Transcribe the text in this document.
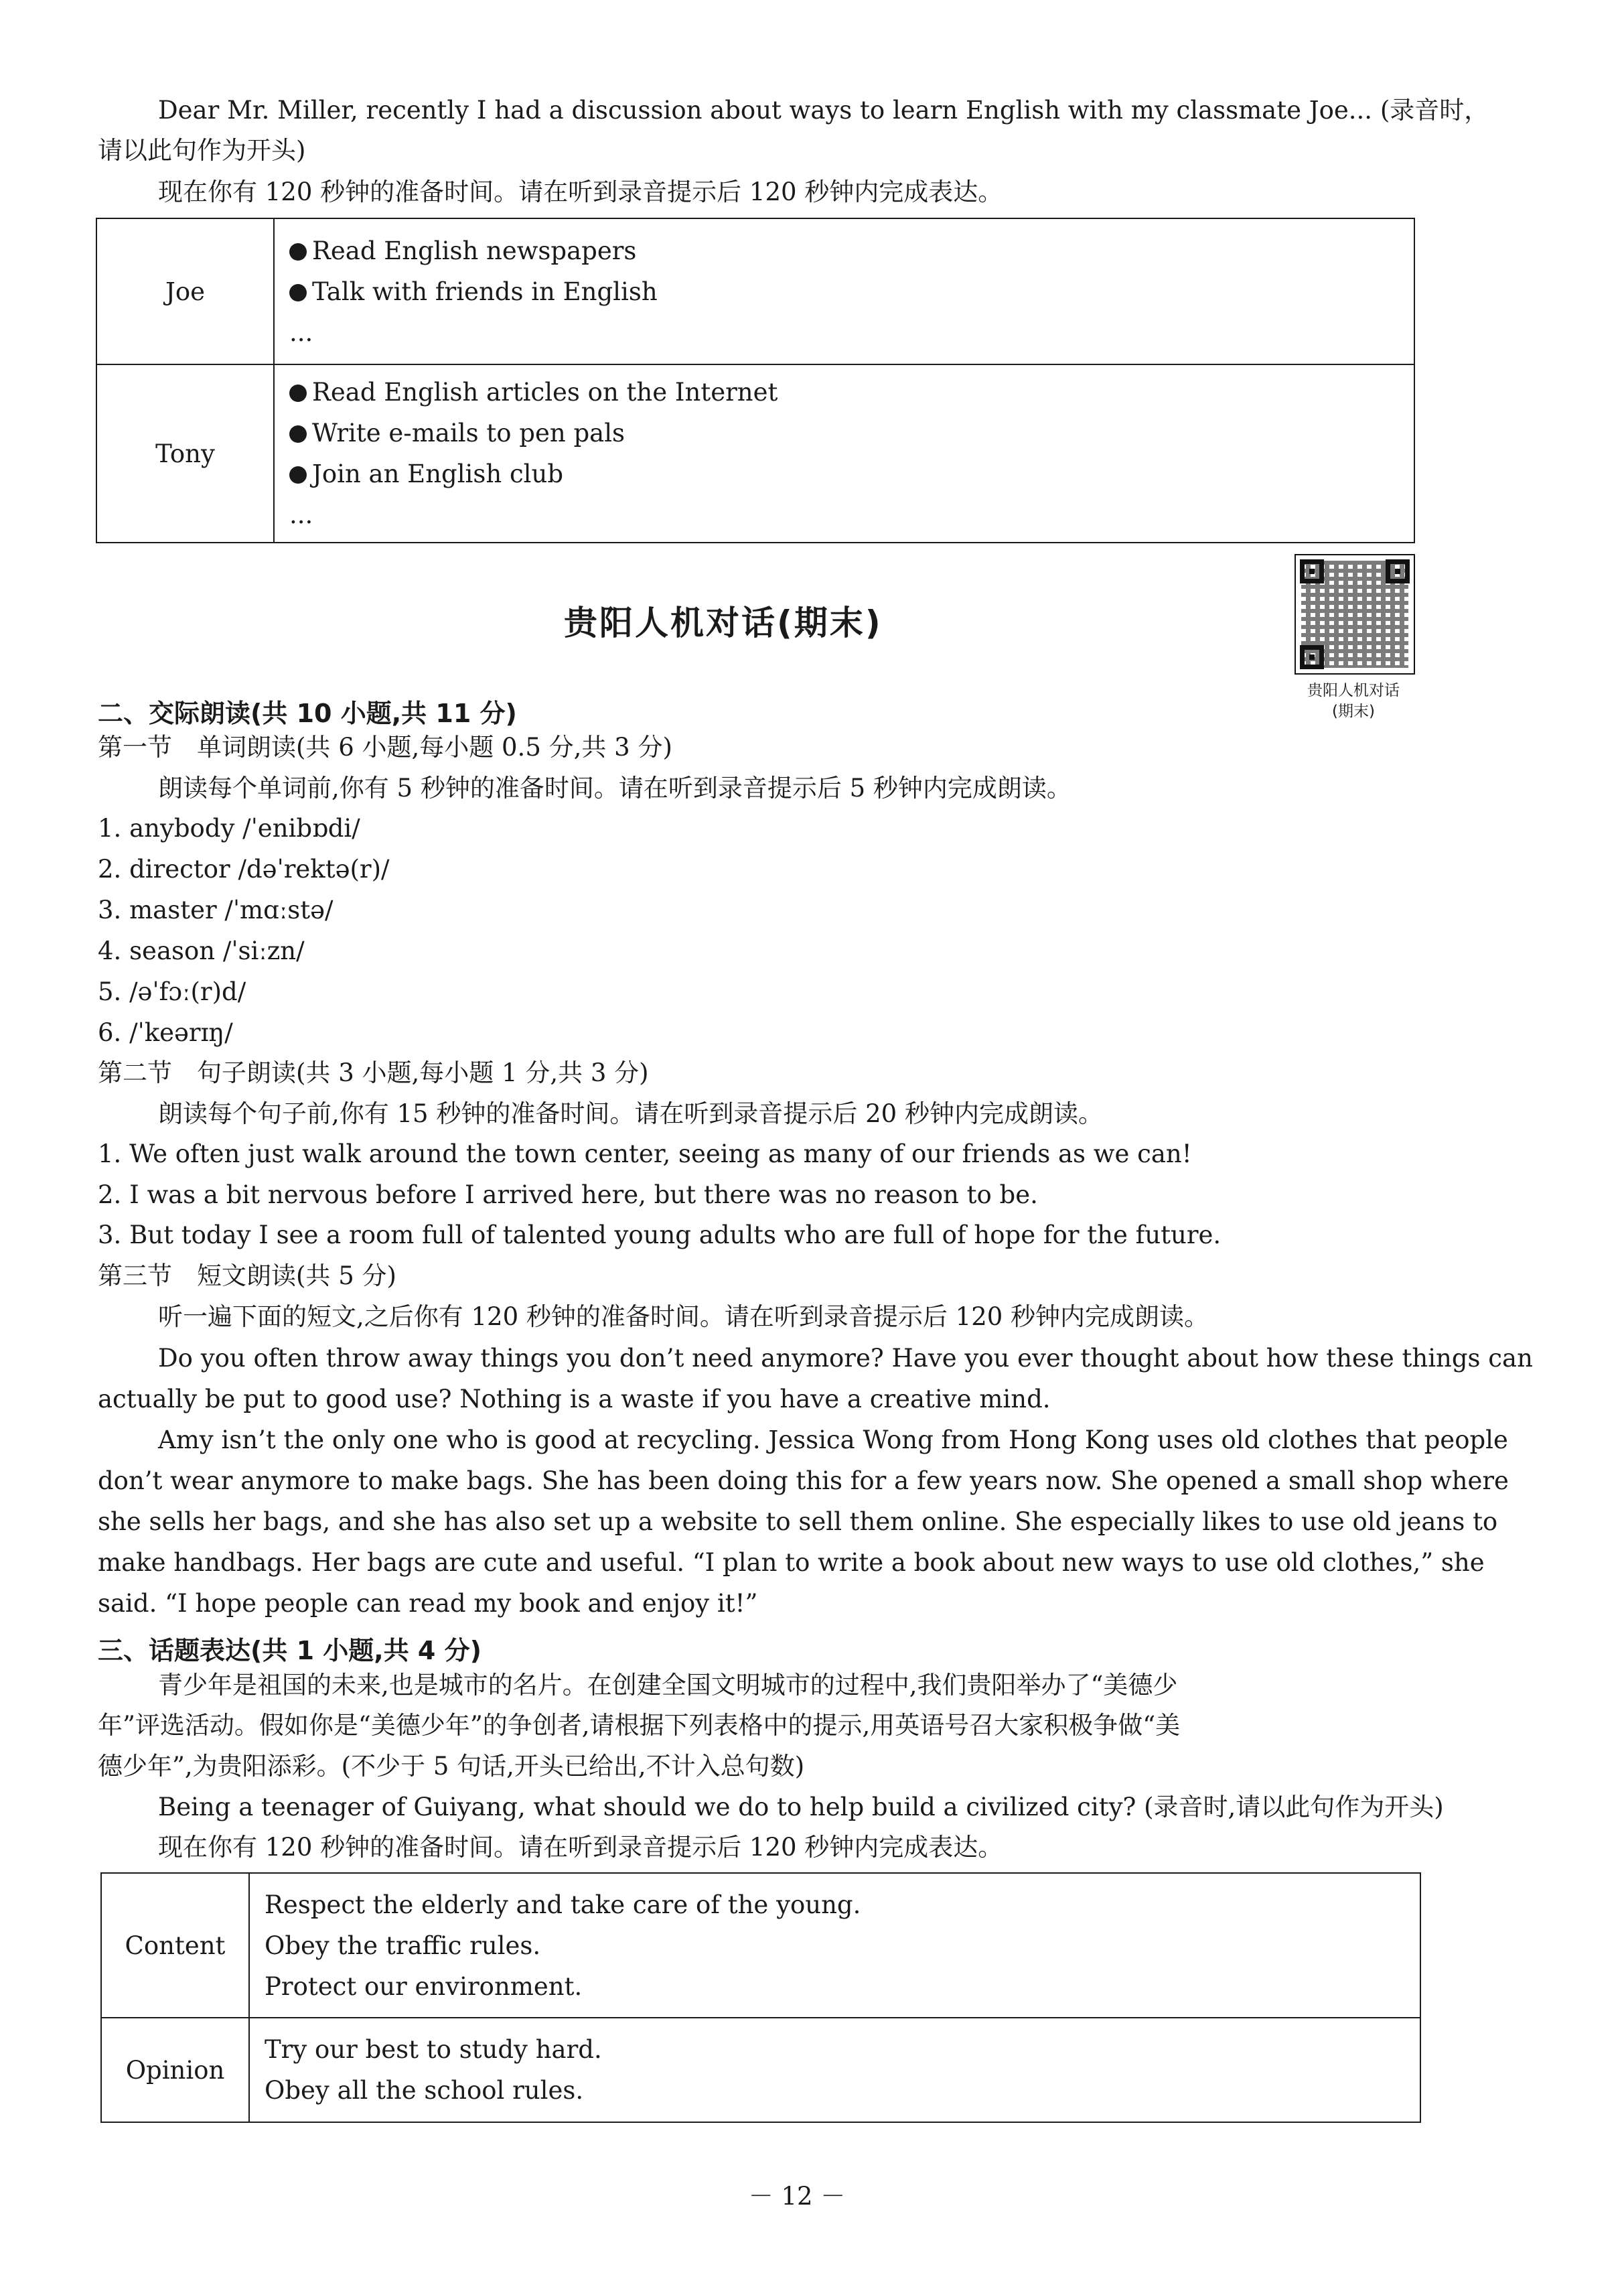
Dear Mr. Miller, recently I had a discussion about ways to learn English with my classmate Joe... (录音时，
请以此句作为开头)
现在你有 120 秒钟的准备时间。请在听到录音提示后 120 秒钟内完成表达。
Joe	Read English newspapers
Talk with friends in English
...

Tony	Read English articles on the Internet
Write e-mails to pen pals
Join an English club
...
贵阳人机对话(期末)
贵阳人机对话
(期末)
二、交际朗读(共 10 小题,共 11 分)
第一节　单词朗读(共 6 小题,每小题 0.5 分,共 3 分)
朗读每个单词前,你有 5 秒钟的准备时间。请在听到录音提示后 5 秒钟内完成朗读。
1. anybody /ˈenibɒdi/
2. director /dəˈrektə(r)/
3. master /ˈmɑːstə/
4. season /ˈsiːzn/
5. /əˈfɔː(r)d/
6. /ˈkeərɪŋ/
第二节　句子朗读(共 3 小题,每小题 1 分,共 3 分)
朗读每个句子前,你有 15 秒钟的准备时间。请在听到录音提示后 20 秒钟内完成朗读。
1. We often just walk around the town center, seeing as many of our friends as we can!
2. I was a bit nervous before I arrived here, but there was no reason to be.
3. But today I see a room full of talented young adults who are full of hope for the future.
第三节　短文朗读(共 5 分)
听一遍下面的短文,之后你有 120 秒钟的准备时间。请在听到录音提示后 120 秒钟内完成朗读。
Do you often throw away things you don’t need anymore? Have you ever thought about how these things can
actually be put to good use? Nothing is a waste if you have a creative mind.
Amy isn’t the only one who is good at recycling. Jessica Wong from Hong Kong uses old clothes that people
don’t wear anymore to make bags. She has been doing this for a few years now. She opened a small shop where
she sells her bags, and she has also set up a website to sell them online. She especially likes to use old jeans to
make handbags. Her bags are cute and useful. “I plan to write a book about new ways to use old clothes,” she
said. “I hope people can read my book and enjoy it!”
三、话题表达(共 1 小题,共 4 分)
青少年是祖国的未来,也是城市的名片。在创建全国文明城市的过程中,我们贵阳举办了“美德少
年”评选活动。假如你是“美德少年”的争创者,请根据下列表格中的提示,用英语号召大家积极争做“美
德少年”,为贵阳添彩。(不少于 5 句话,开头已给出,不计入总句数)
Being a teenager of Guiyang, what should we do to help build a civilized city? (录音时,请以此句作为开头)
现在你有 120 秒钟的准备时间。请在听到录音提示后 120 秒钟内完成表达。
Content	Respect the elderly and take care of the young.
Obey the traffic rules.
Protect our environment.

Opinion	Try our best to study hard.
Obey all the school rules.
－ 12 －
